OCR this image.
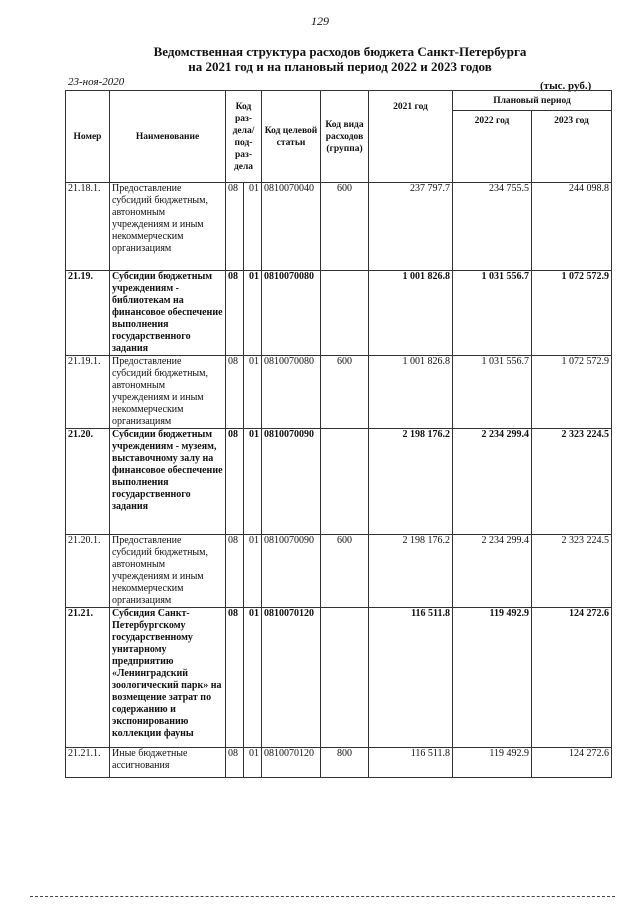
129
Ведомственная структура расходов бюджета Санкт-Петербурга
на 2021 год и на плановый период 2022 и 2023 годов
23-ноя-2020	(тыс. руб.)
Номер	Наименование	Код раз-дела/ под-раз-дела		Код целевой статьи	Код вида расходов (группа)	2021 год	Плановый период	
							2022 год	2023 год
21.18.1.	Предоставление субсидий бюджетным, автономным учреждениям и иным некоммерческим организациям	08	01	0810070040	600	237 797.7	234 755.5	244 098.8
21.19.	Субсидии бюджетным учреждениям - библиотекам на финансовое обеспечение выполнения государственного задания	08	01	0810070080		1 001 826.8	1 031 556.7	1 072 572.9
21.19.1.	Предоставление субсидий бюджетным, автономным учреждениям и иным некоммерческим организациям	08	01	0810070080	600	1 001 826.8	1 031 556.7	1 072 572.9
21.20.	Субсидии бюджетным учреждениям - музеям, выставочному залу на финансовое обеспечение выполнения государственного задания	08	01	0810070090		2 198 176.2	2 234 299.4	2 323 224.5
21.20.1.	Предоставление субсидий бюджетным, автономным учреждениям и иным некоммерческим организациям	08	01	0810070090	600	2 198 176.2	2 234 299.4	2 323 224.5
21.21.	Субсидия Санкт-Петербургскому государственному унитарному предприятию «Ленинградский зоологический парк» на возмещение затрат по содержанию и экспонированию коллекции фауны	08	01	0810070120		116 511.8	119 492.9	124 272.6
21.21.1.	Иные бюджетные ассигнования	08	01	0810070120	800	116 511.8	119 492.9	124 272.6
